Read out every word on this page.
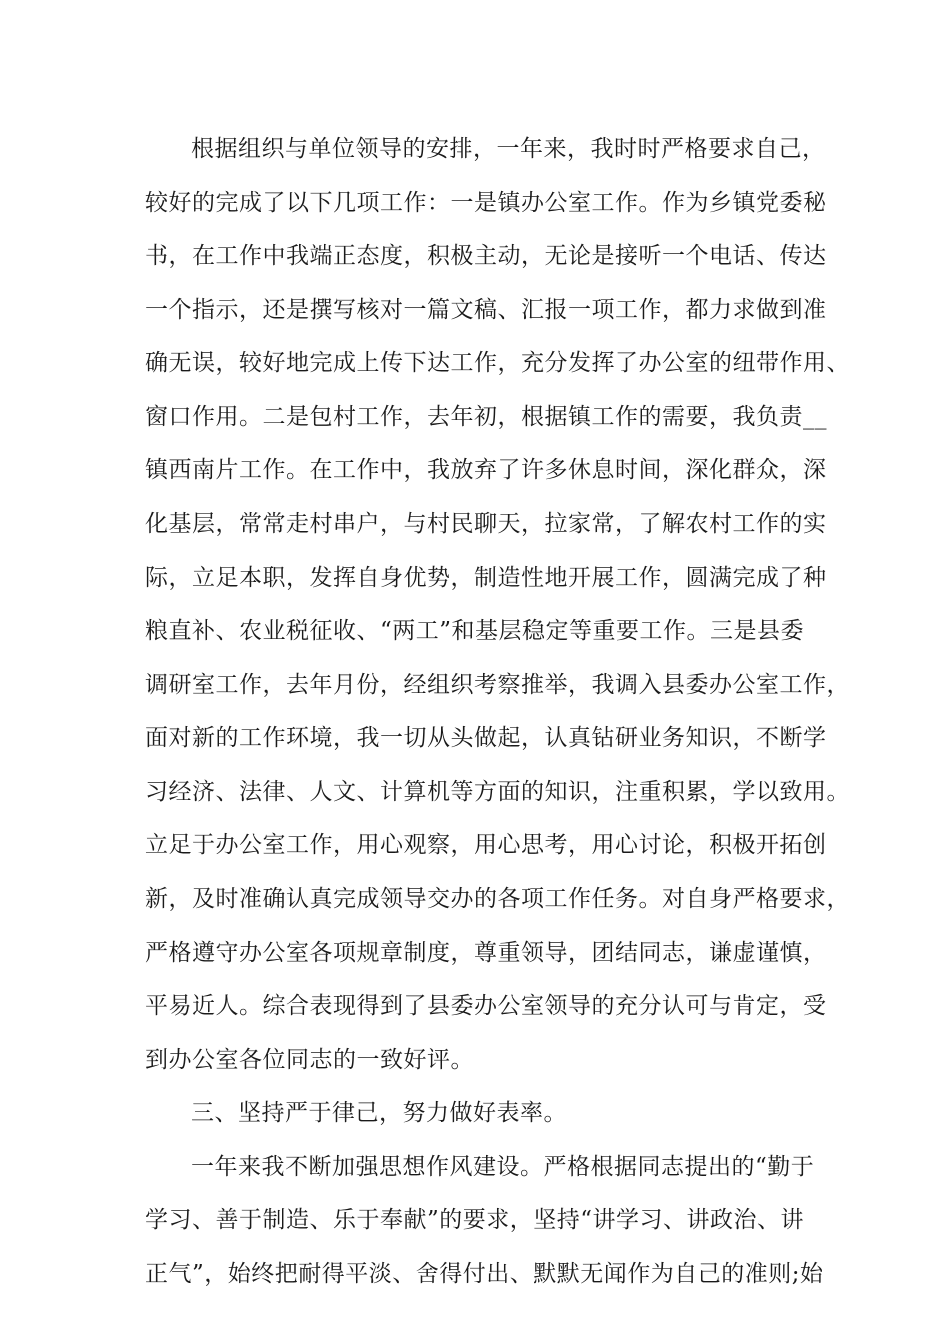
根据组织与单位领导的安排，一年来，我时时严格要求自己，
较好的完成了以下几项工作：一是镇办公室工作。作为乡镇党委秘
书，在工作中我端正态度，积极主动，无论是接听一个电话、传达
一个指示，还是撰写核对一篇文稿、汇报一项工作，都力求做到准
确无误，较好地完成上传下达工作，充分发挥了办公室的纽带作用、
窗口作用。二是包村工作，去年初，根据镇工作的需要，我负责__
镇西南片工作。在工作中，我放弃了许多休息时间，深化群众，深
化基层，常常走村串户，与村民聊天，拉家常，了解农村工作的实
际，立足本职，发挥自身优势，制造性地开展工作，圆满完成了种
粮直补、农业税征收、“两工”和基层稳定等重要工作。三是县委
调研室工作，去年月份，经组织考察推举，我调入县委办公室工作，
面对新的工作环境，我一切从头做起，认真钻研业务知识，不断学
习经济、法律、人文、计算机等方面的知识，注重积累，学以致用。
立足于办公室工作，用心观察，用心思考，用心讨论，积极开拓创
新，及时准确认真完成领导交办的各项工作任务。对自身严格要求，
严格遵守办公室各项规章制度，尊重领导，团结同志，谦虚谨慎，
平易近人。综合表现得到了县委办公室领导的充分认可与肯定，受
到办公室各位同志的一致好评。
三、坚持严于律己，努力做好表率。
一年来我不断加强思想作风建设。严格根据同志提出的“勤于
学习、善于制造、乐于奉献”的要求，坚持“讲学习、讲政治、讲
正气”，始终把耐得平淡、舍得付出、默默无闻作为自己的准则;始
